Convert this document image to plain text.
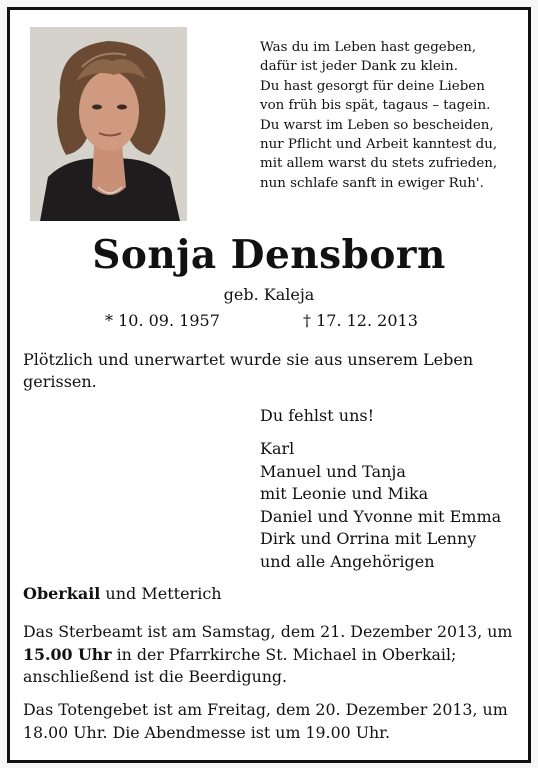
Was du im Leben hast gegeben,
dafür ist jeder Dank zu klein.
Du hast gesorgt für deine Lieben
von früh bis spät, tagaus – tagein.
Du warst im Leben so bescheiden,
nur Pflicht und Arbeit kanntest du,
mit allem warst du stets zufrieden,
nun schlafe sanft in ewiger Ruh'.
Sonja Densborn
geb. Kaleja
* 10. 09. 1957	† 17. 12. 2013
Plötzlich und unerwartet wurde sie aus unserem Leben gerissen.
Du fehlst uns!
Karl
Manuel und Tanja
mit Leonie und Mika
Daniel und Yvonne mit Emma
Dirk und Orrina mit Lenny
und alle Angehörigen
Oberkail und Metterich
Das Sterbeamt ist am Samstag, dem 21. Dezember 2013, um 15.00 Uhr in der Pfarrkirche St. Michael in Oberkail; anschließend ist die Beerdigung.
Das Totengebet ist am Freitag, dem 20. Dezember 2013, um 18.00 Uhr. Die Abendmesse ist um 19.00 Uhr.
